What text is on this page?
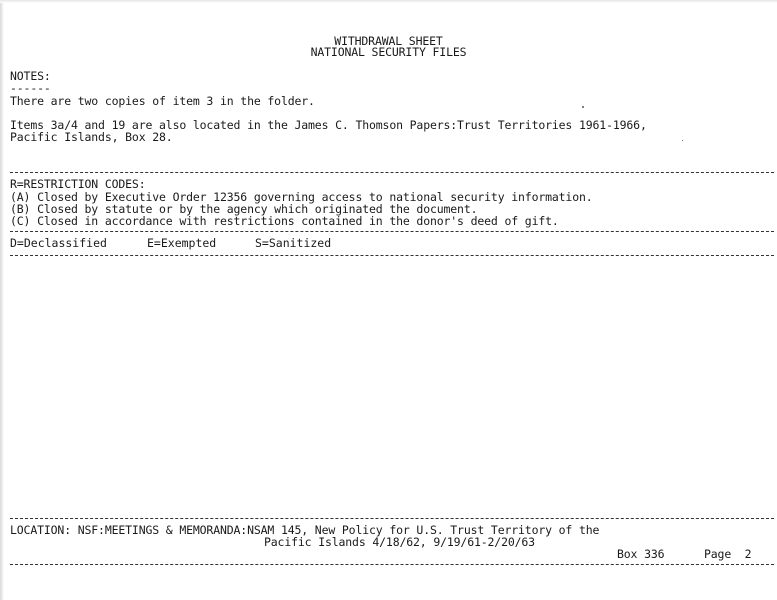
WITHDRAWAL SHEET
NATIONAL SECURITY FILES
NOTES:
------
There are two copies of item 3 in the folder.
Items 3a/4 and 19 are also located in the James C. Thomson Papers:Trust Territories 1961-1966,
Pacific Islands, Box 28.
R=RESTRICTION CODES:
(A) Closed by Executive Order 12356 governing access to national security information.
(B) Closed by statute or by the agency which originated the document.
(C) Closed in accordance with restrictions contained in the donor's deed of gift.

D=Declassified

	E=Exempted

	S=Sanitized

LOCATION: NSF:MEETINGS & MEMORANDA:NSAM 145, New Policy for U.S. Trust Territory of the
Pacific Islands 4/18/62, 9/19/61-2/20/63
Box 336	Page  2
